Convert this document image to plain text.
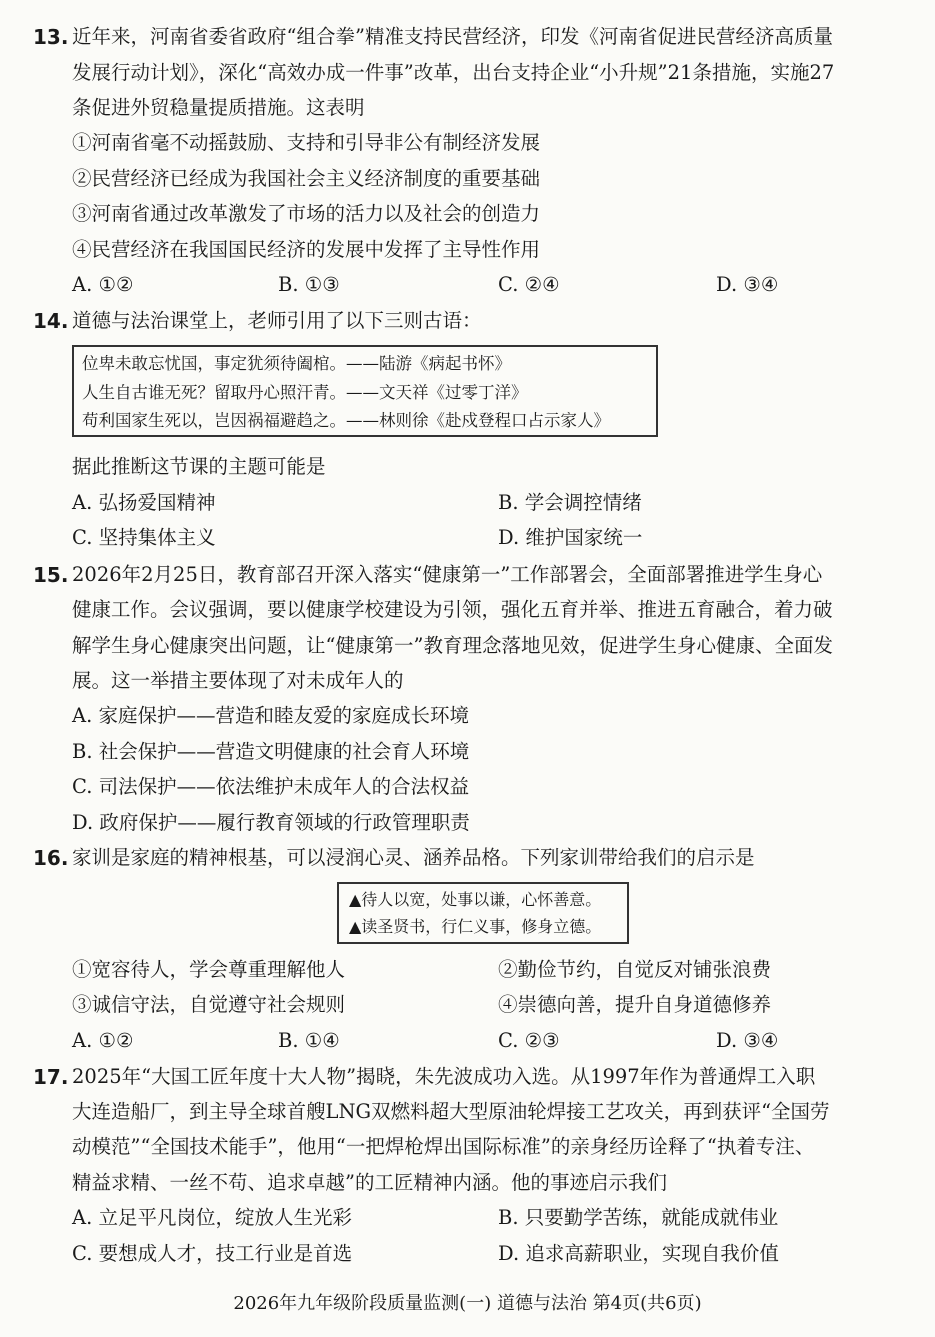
13. 近年来，河南省委省政府“组合拳”精准支持民营经济，印发《河南省促进民营经济高质量
发展行动计划》，深化“高效办成一件事”改革，出台支持企业“小升规”21条措施，实施27
条促进外贸稳量提质措施。这表明
①河南省毫不动摇鼓励、支持和引导非公有制经济发展
②民营经济已经成为我国社会主义经济制度的重要基础
③河南省通过改革激发了市场的活力以及社会的创造力
④民营经济在我国国民经济的发展中发挥了主导性作用
A. ①②	B. ①③	C. ②④	D. ③④
14. 道德与法治课堂上，老师引用了以下三则古语：
位卑未敢忘忧国，事定犹须待阖棺。——陆游《病起书怀》
人生自古谁无死？留取丹心照汗青。——文天祥《过零丁洋》
苟利国家生死以，岂因祸福避趋之。——林则徐《赴戍登程口占示家人》
据此推断这节课的主题可能是
A. 弘扬爱国精神	B. 学会调控情绪
C. 坚持集体主义	D. 维护国家统一
15. 2026年2月25日，教育部召开深入落实“健康第一”工作部署会，全面部署推进学生身心
健康工作。会议强调，要以健康学校建设为引领，强化五育并举、推进五育融合，着力破
解学生身心健康突出问题，让“健康第一”教育理念落地见效，促进学生身心健康、全面发
展。这一举措主要体现了对未成年人的
A. 家庭保护——营造和睦友爱的家庭成长环境
B. 社会保护——营造文明健康的社会育人环境
C. 司法保护——依法维护未成年人的合法权益
D. 政府保护——履行教育领域的行政管理职责
16. 家训是家庭的精神根基，可以浸润心灵、涵养品格。下列家训带给我们的启示是
▲待人以宽，处事以谦，心怀善意。
▲读圣贤书，行仁义事，修身立德。
①宽容待人，学会尊重理解他人	②勤俭节约，自觉反对铺张浪费
③诚信守法，自觉遵守社会规则	④崇德向善，提升自身道德修养
A. ①②	B. ①④	C. ②③	D. ③④
17. 2025年“大国工匠年度十大人物”揭晓，朱先波成功入选。从1997年作为普通焊工入职
大连造船厂，到主导全球首艘LNG双燃料超大型原油轮焊接工艺攻关，再到获评“全国劳
动模范”“全国技术能手”，他用“一把焊枪焊出国际标准”的亲身经历诠释了“执着专注、
精益求精、一丝不苟、追求卓越”的工匠精神内涵。他的事迹启示我们
A. 立足平凡岗位，绽放人生光彩	B. 只要勤学苦练，就能成就伟业
C. 要想成人才，技工行业是首选	D. 追求高薪职业，实现自我价值
2026年九年级阶段质量监测(一) 道德与法治 第4页(共6页)
